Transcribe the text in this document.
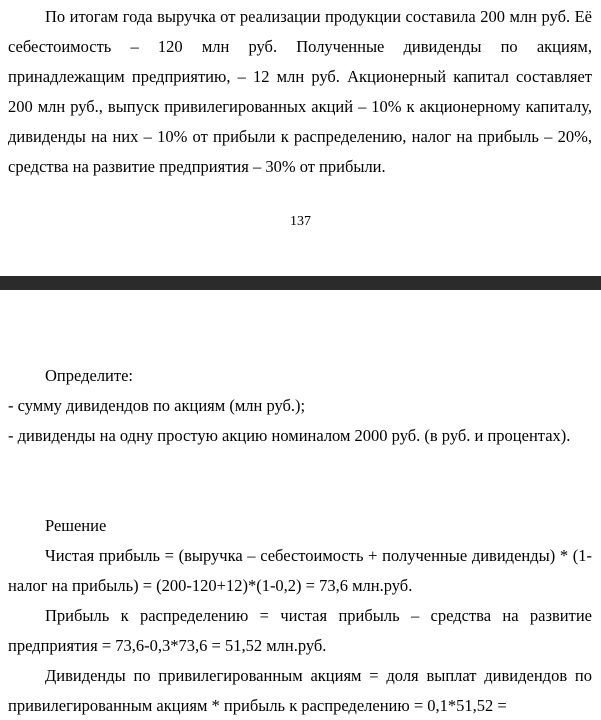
По итогам года выручка от реализации продукции составила 200 млн руб. Её себестоимость – 120 млн руб. Полученные дивиденды по акциям, принадлежащим предприятию, – 12 млн руб. Акционерный капитал составляет 200 млн руб., выпуск привилегированных акций – 10% к акционерному капиталу, дивиденды на них – 10% от прибыли к распределению, налог на прибыль – 20%, средства на развитие предприятия – 30% от прибыли.

137

Определите:

- сумму дивидендов по акциям (млн руб.);

- дивиденды на одну простую акцию номиналом 2000 руб. (в руб. и процентах).

Решение

Чистая прибыль = (выручка – себестоимость + полученные дивиденды) * (1-налог на прибыль) = (200-120+12)*(1-0,2) = 73,6 млн.руб.

Прибыль к распределению = чистая прибыль – средства на развитие предприятия = 73,6-0,3*73,6 = 51,52 млн.руб.

Дивиденды по привилегированным акциям = доля выплат дивидендов по привилегированным акциям * прибыль к распределению = 0,1*51,52 =
